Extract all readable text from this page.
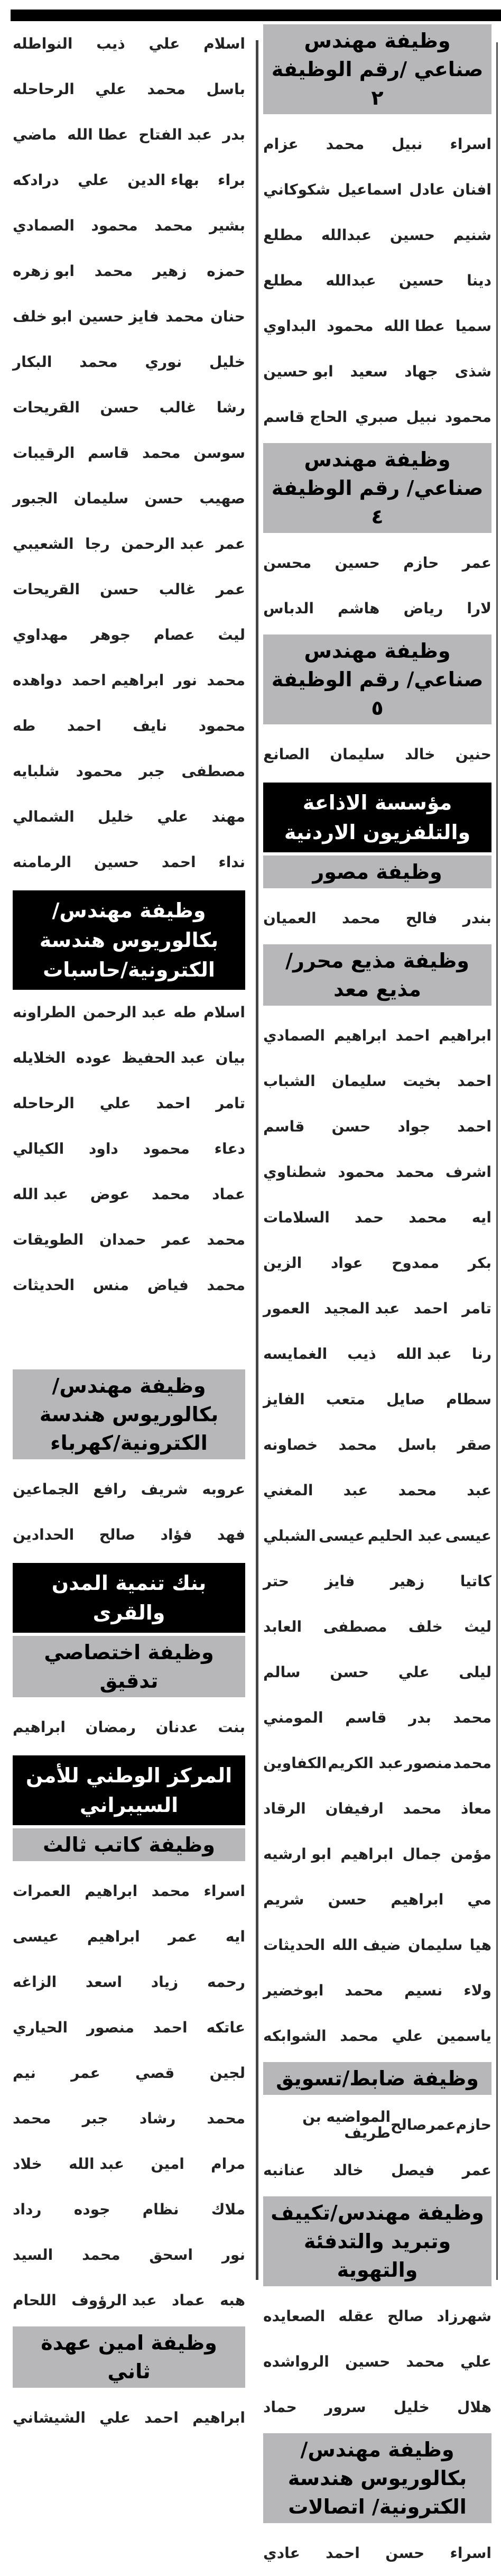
وظيفة مهندس صناعي /رقم الوظيفة ٢
اسراء
نبيل
محمد
عزام
افنان
عادل
اسماعيل
شكوكاني
شنيم
حسين
عبدالله
مطلع
دينا
حسين
عبدالله
مطلع
سميا
عطا الله
محمود
البداوي
شذى
جهاد
سعيد
ابو حسين
محمود
نبيل
صبري
الحاج قاسم
وظيفة مهندس صناعي/ رقم الوظيفة ٤
عمر
حازم
حسين
محسن
لارا
رياض
هاشم
الدباس
وظيفة مهندس صناعي/ رقم الوظيفة ٥
حنين
خالد
سليمان
الصانع
مؤسسة الاذاعة والتلفزيون الاردنية
وظيفة مصور
بندر
فالح
محمد
العميان
وظيفة مذيع محرر/مذيع معد
ابراهيم
احمد
ابراهيم
الصمادي
احمد
بخيت
سليمان
الشباب
احمد
جواد
حسن
قاسم
اشرف
محمد
محمود
شطناوي
ايه
محمد
حمد
السلامات
بكر
ممدوح
عواد
الزين
تامر
احمد
عبد المجيد
العمور
رنا
عبد الله
ذيب
الغمايسه
سطام
صايل
متعب
الفايز
صقر
باسل
محمد
خصاونه
عبد
محمد
عبد
المغني
عيسى
عبد الحليم
عيسى
الشبلي
كاتيا
زهير
فايز
حتر
ليث
خلف
مصطفى
العابد
ليلى
علي
حسن
سالم
محمد
بدر
قاسم
المومني
محمد
منصور
عبد الكريم
الكفاوين
معاذ
محمد
ارفيفان
الرقاد
مؤمن
جمال
ابراهيم
ابو ارشيه
مي
ابراهيم
حسن
شريم
هيا
سليمان
ضيف الله
الحديثات
ولاء
نسيم
محمد
ابوخضير
ياسمين
علي
محمد
الشوابكه
وظيفة ضابط/تسويق
حازم
عمر
صالح
المواضيه بن طريف
عمر
فيصل
خالد
عنانبه
وظيفة مهندس/تكييف وتبريد والتدفئة والتهوية
شهرزاد
صالح
عقله
الصعايده
علي
محمد
حسين
الرواشده
هلال
خليل
سرور
حماد
وظيفة مهندس/بكالوريوس هندسة الكترونية/ اتصالات
اسراء
حسن
احمد
عادي
اسلام
علي
ذيب
النواطله
باسل
محمد
علي
الرحاحله
بدر
عبد الفتاح
عطا الله
ماضي
براء
بهاء الدين
علي
درادكه
بشير
محمد
محمود
الصمادي
حمزه
زهير
محمد
ابو زهره
حنان
محمد
فايز حسين
ابو خلف
خليل
نوري
محمد
البكار
رشا
غالب
حسن
القريحات
سوسن
محمد
قاسم
الرقيبات
صهيب
حسن
سليمان
الجبور
عمر
عبد الرحمن
رجا
الشعيبي
عمر
غالب
حسن
القريحات
ليث
عصام
جوهر
مهداوي
محمد
نور
ابراهيم احمد
دواهده
محمود
نايف
احمد
طه
مصطفى
جبر
محمود
شلبايه
مهند
علي
خليل
الشمالي
نداء
احمد
حسين
الرمامنه
وظيفة مهندس/بكالوريوس هندسة الكترونية/حاسبات
اسلام
طه
عبد الرحمن
الطراونه
بيان
عبد الحفيظ
عوده
الخلايله
تامر
احمد
علي
الرحاحله
دعاء
محمود
داود
الكيالي
عماد
محمد
عوض
عبد الله
محمد
عمر
حمدان
الطويقات
محمد
فياض
منس
الحديثات
وظيفة مهندس/بكالوريوس هندسة الكترونية/كهرباء
عروبه
شريف
رافع
الجماعين
فهد
فؤاد
صالح
الحدادين
بنك تنمية المدن والقرى
وظيفة اختصاصي تدقيق
بنت
عدنان
رمضان
ابراهيم
المركز الوطني للأمن السيبراني
وظيفة كاتب ثالث
اسراء
محمد
ابراهيم
العمرات
ايه
عمر
ابراهيم
عيسى
رحمه
زياد
اسعد
الزاغه
عاتكه
احمد
منصور
الحياري
لجين
قصي
عمر
نيم
محمد
رشاد
جبر
محمد
مرام
امين
عبد الله
خلاد
ملاك
نظام
جوده
رداد
نور
اسحق
محمد
السيد
هبه
عماد
عبد الرؤوف
اللحام
وظيفة امين عهدة ثاني
ابراهيم
احمد
علي
الشيشاني
